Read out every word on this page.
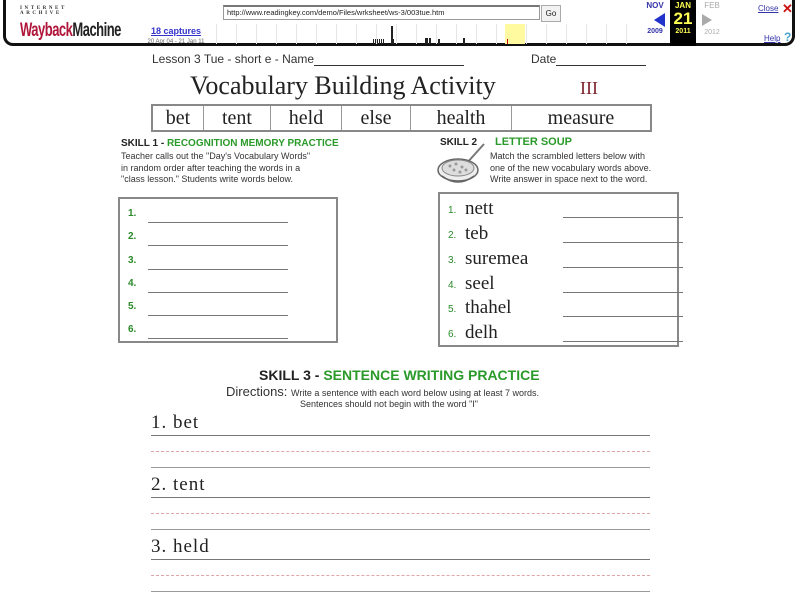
INTERNET ARCHIVE
WaybackMachine	18 captures
20 Apr 04 - 21 Jan 11
http://www.readingkey.com/demo/Files/wrksheet/ws-3/003tue.htm	Go
NOV
2009
JAN
21
2011
FEB
2012
Close ✕
Help ?
Lesson 3 Tue - short e - Name	Date
Vocabulary Building Activity	III
bet	tent	held	else	health	measure
SKILL 1 - RECOGNITION MEMORY PRACTICE
Teacher calls out the "Day's Vocabulary Words"
in random order after teaching the words in a
"class lesson." Students write words below.
1.
2.
3.
4.
5.
6.
SKILL 2 LETTER SOUP
Match the scrambled letters below with
one of the new vocabulary words above.
Write answer in space next to the word.
1. nett
2. teb
3. suremea
4. seel
5. thahel
6. delh
SKILL 3 - SENTENCE WRITING PRACTICE
Directions: Write a sentence with each word below using at least 7 words.
Sentences should not begin with the word "I"
1. bet
2. tent
3. held
